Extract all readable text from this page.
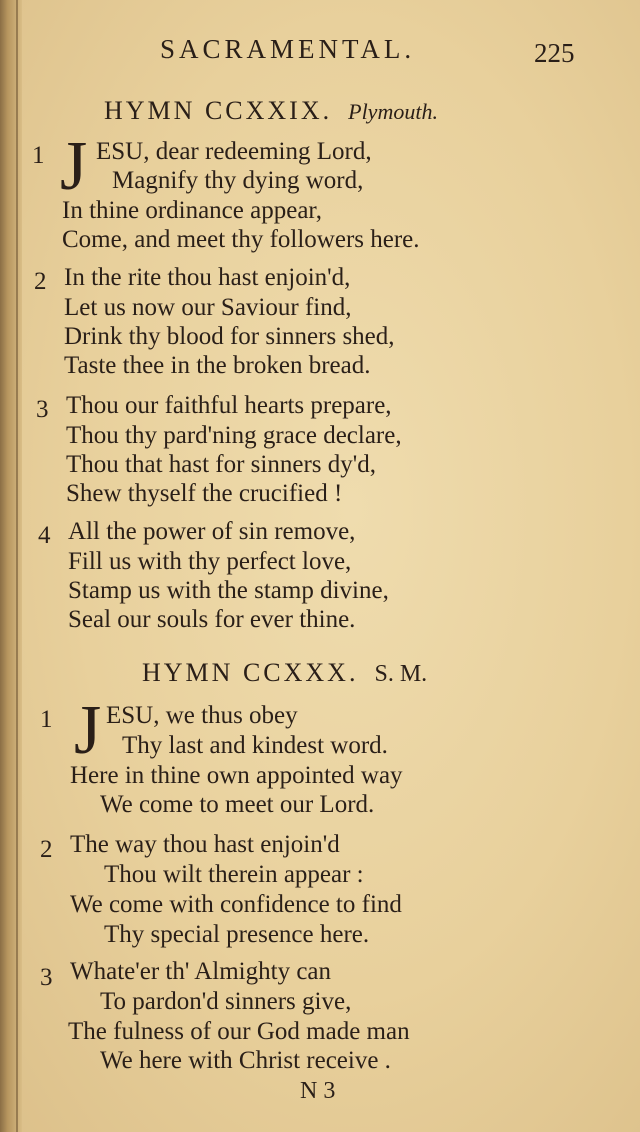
SACRAMENTAL.	225
HYMN CCXXIX. Plymouth.
1 J ESU, dear redeeming Lord,
Magnify thy dying word,
In thine ordinance appear,
Come, and meet thy followers here.
2 In the rite thou hast enjoin'd,
Let us now our Saviour find,
Drink thy blood for sinners shed,
Taste thee in the broken bread.
3 Thou our faithful hearts prepare,
Thou thy pard'ning grace declare,
Thou that hast for sinners dy'd,
Shew thyself the crucified !
4 All the power of sin remove,
Fill us with thy perfect love,
Stamp us with the stamp divine,
Seal our souls for ever thine.
HYMN CCXXX. S. M.
1 J ESU, we thus obey
Thy last and kindest word.
Here in thine own appointed way
We come to meet our Lord.
2 The way thou hast enjoin'd
Thou wilt therein appear :
We come with confidence to find
Thy special presence here.
3 Whate'er th' Almighty can
To pardon'd sinners give,
The fulness of our God made man
We here with Christ receive .
N 3
